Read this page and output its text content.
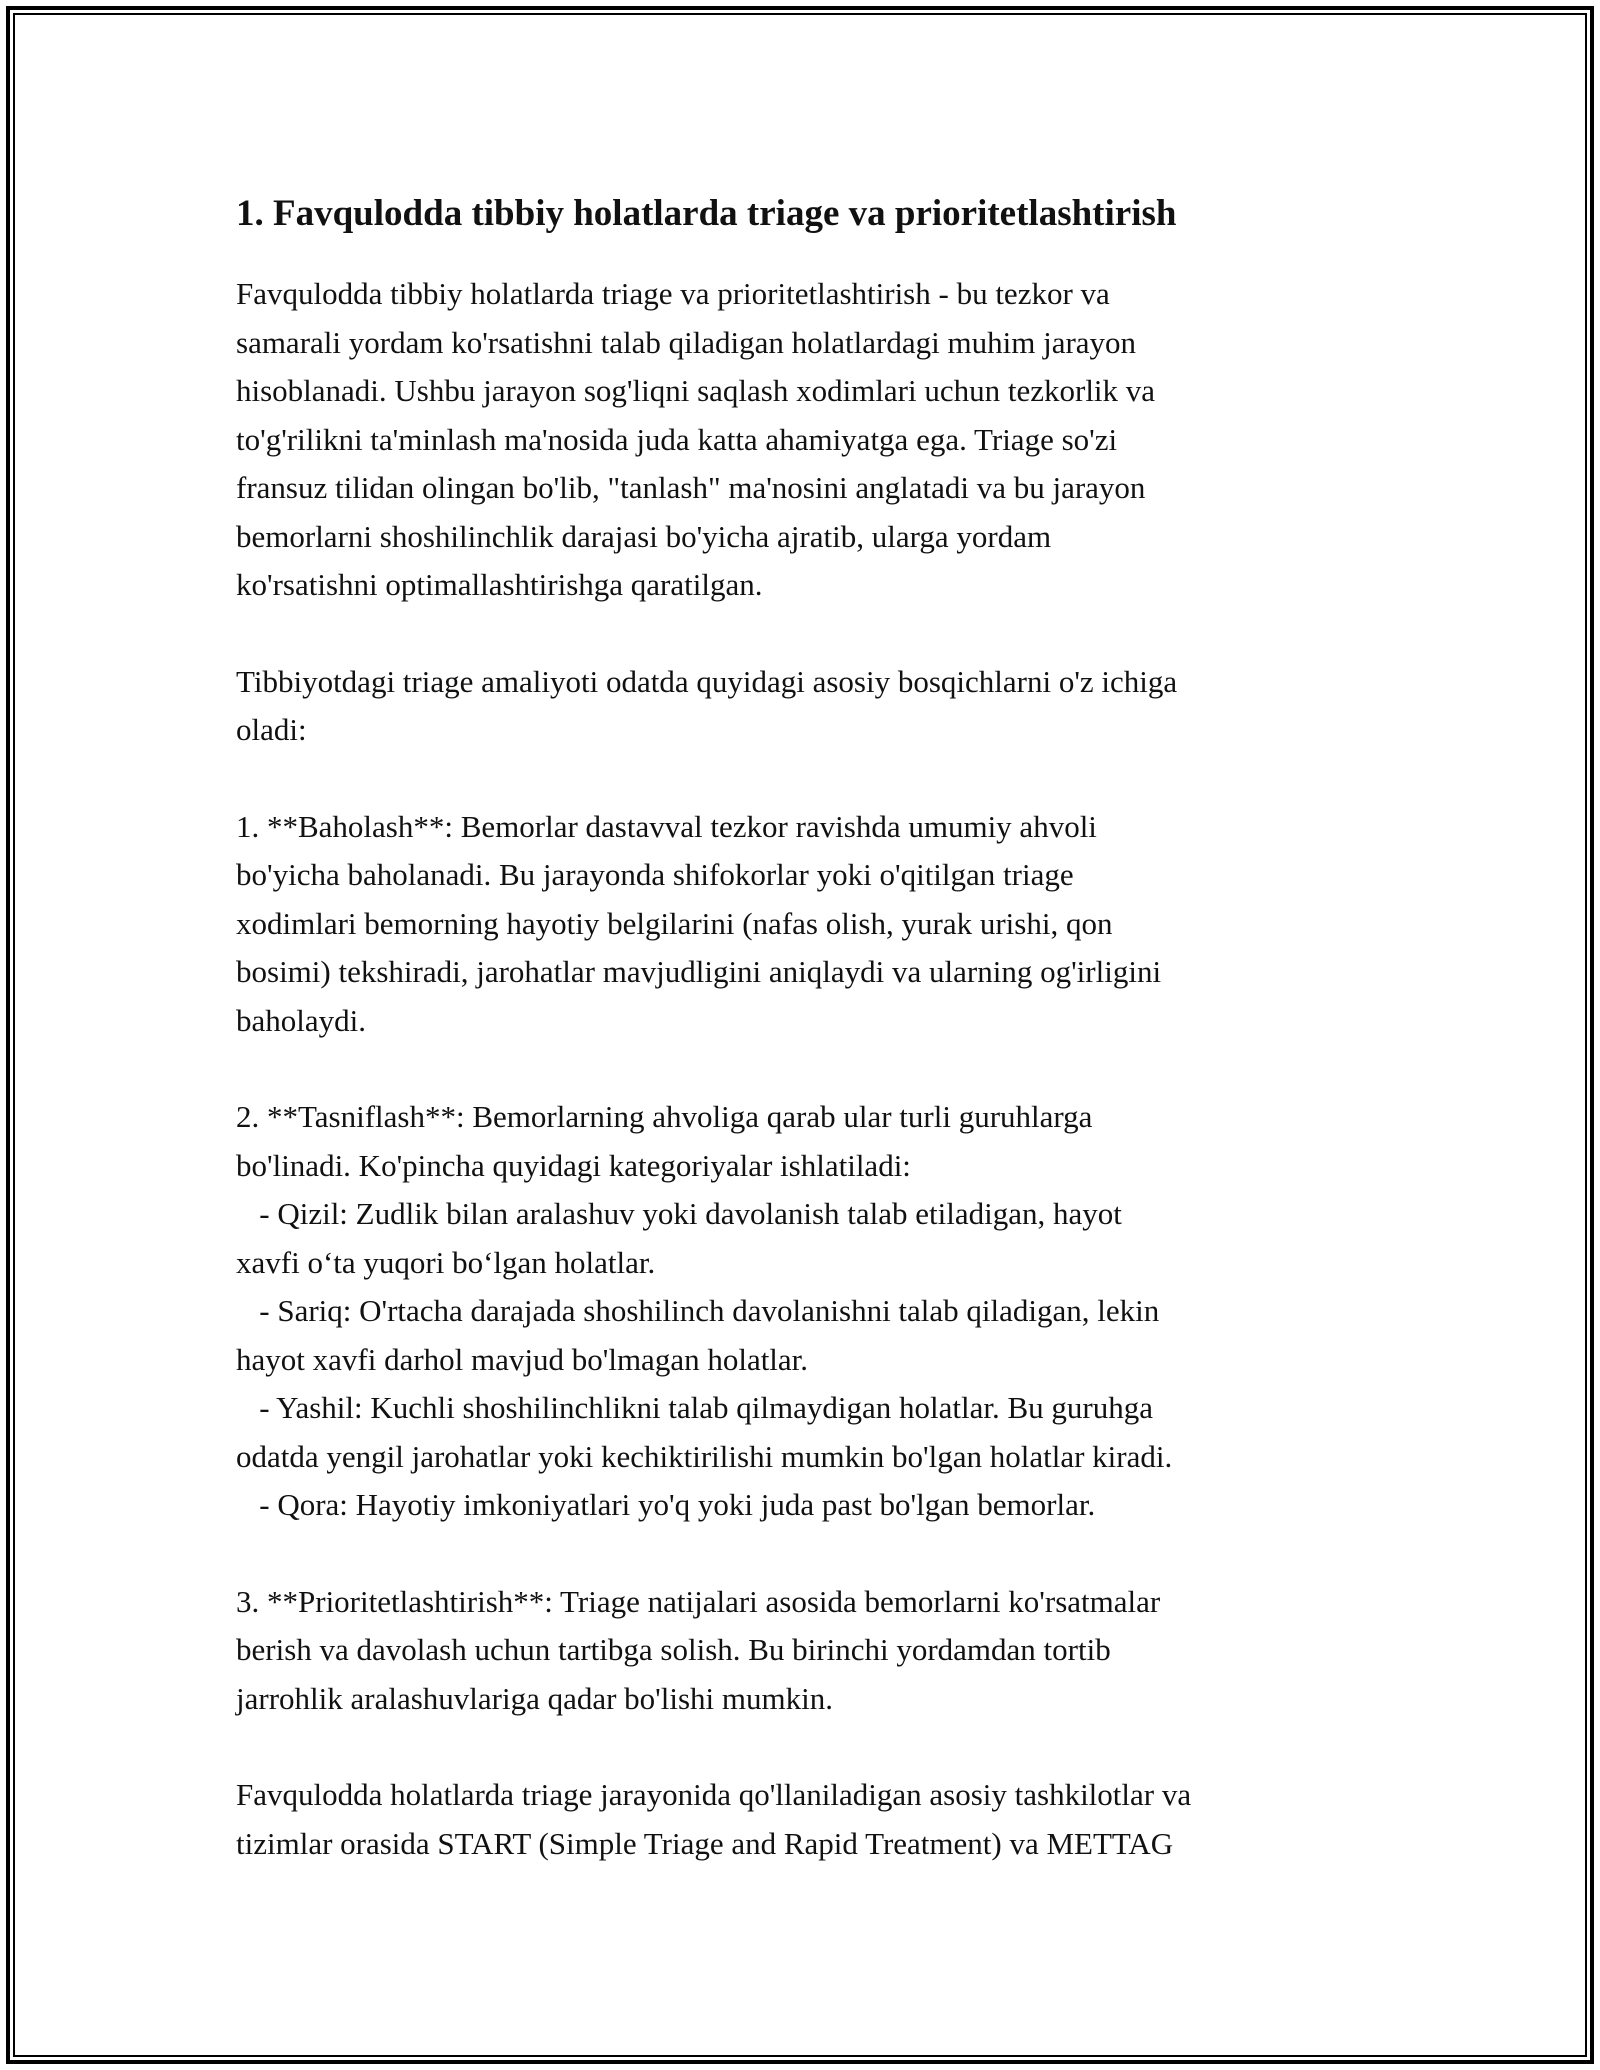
1. Favqulodda tibbiy holatlarda triage va prioritetlashtirish
Favqulodda tibbiy holatlarda triage va prioritetlashtirish - bu tezkor va
samarali yordam ko'rsatishni talab qiladigan holatlardagi muhim jarayon
hisoblanadi. Ushbu jarayon sog'liqni saqlash xodimlari uchun tezkorlik va
to'g'rilikni ta'minlash ma'nosida juda katta ahamiyatga ega. Triage so'zi
fransuz tilidan olingan bo'lib, "tanlash" ma'nosini anglatadi va bu jarayon
bemorlarni shoshilinchlik darajasi bo'yicha ajratib, ularga yordam
ko'rsatishni optimallashtirishga qaratilgan.
Tibbiyotdagi triage amaliyoti odatda quyidagi asosiy bosqichlarni o'z ichiga
oladi:
1. **Baholash**: Bemorlar dastavval tezkor ravishda umumiy ahvoli
bo'yicha baholanadi. Bu jarayonda shifokorlar yoki o'qitilgan triage
xodimlari bemorning hayotiy belgilarini (nafas olish, yurak urishi, qon
bosimi) tekshiradi, jarohatlar mavjudligini aniqlaydi va ularning og'irligini
baholaydi.
2. **Tasniflash**: Bemorlarning ahvoliga qarab ular turli guruhlarga
bo'linadi. Ko'pincha quyidagi kategoriyalar ishlatiladi:
- Qizil: Zudlik bilan aralashuv yoki davolanish talab etiladigan, hayot
xavfi o‘ta yuqori bo‘lgan holatlar.
- Sariq: O'rtacha darajada shoshilinch davolanishni talab qiladigan, lekin
hayot xavfi darhol mavjud bo'lmagan holatlar.
- Yashil: Kuchli shoshilinchlikni talab qilmaydigan holatlar. Bu guruhga
odatda yengil jarohatlar yoki kechiktirilishi mumkin bo'lgan holatlar kiradi.
- Qora: Hayotiy imkoniyatlari yo'q yoki juda past bo'lgan bemorlar.
3. **Prioritetlashtirish**: Triage natijalari asosida bemorlarni ko'rsatmalar
berish va davolash uchun tartibga solish. Bu birinchi yordamdan tortib
jarrohlik aralashuvlariga qadar bo'lishi mumkin.
Favqulodda holatlarda triage jarayonida qo'llaniladigan asosiy tashkilotlar va
tizimlar orasida START (Simple Triage and Rapid Treatment) va METTAG
